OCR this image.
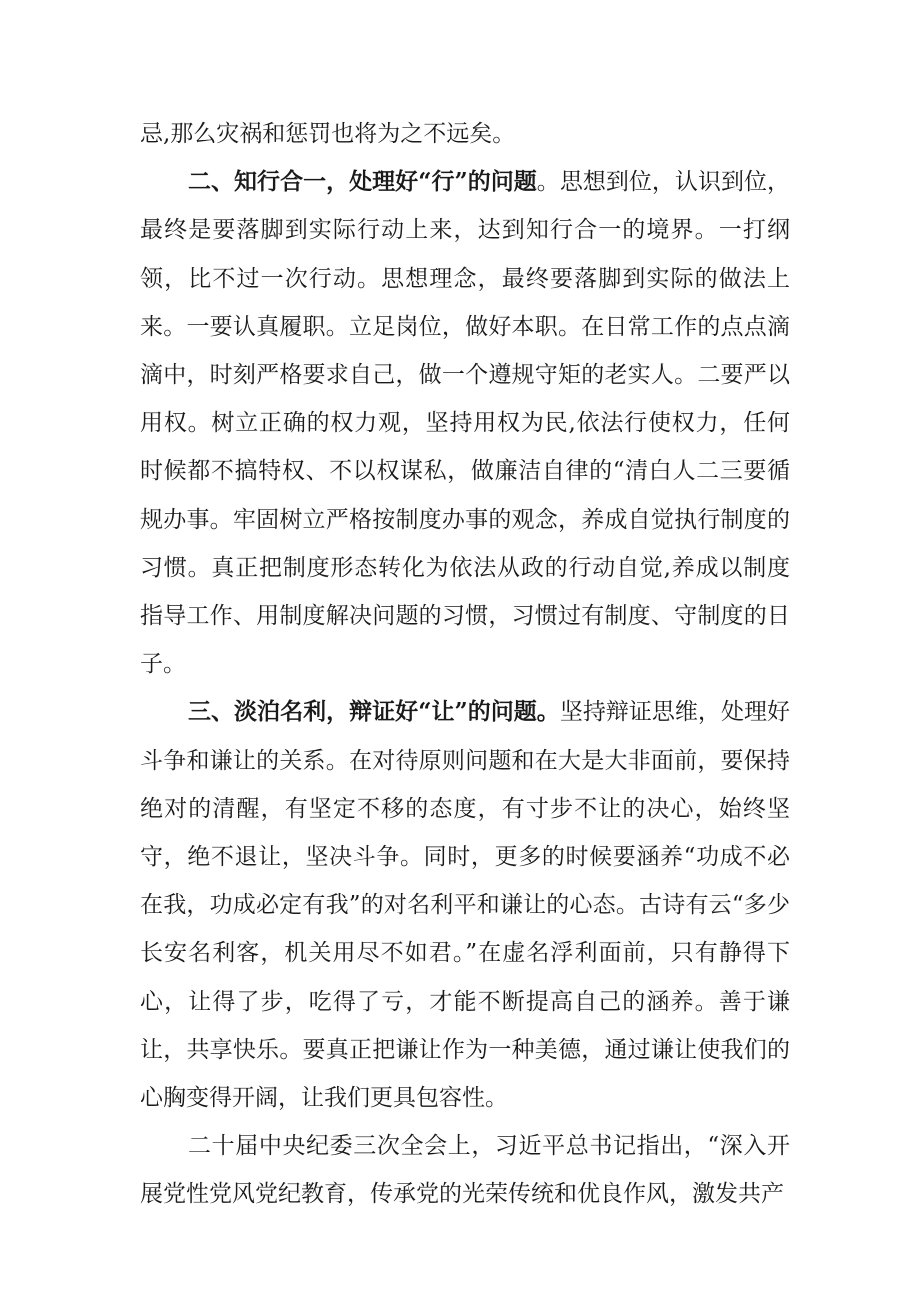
忌,那么灾祸和惩罚也将为之不远矣。

二、知行合一，处理好“行”的问题。思想到位，认识到位，最终是要落脚到实际行动上来，达到知行合一的境界。一打纲领，比不过一次行动。思想理念，最终要落脚到实际的做法上来。一要认真履职。立足岗位，做好本职。在日常工作的点点滴滴中，时刻严格要求自己，做一个遵规守矩的老实人。二要严以用权。树立正确的权力观，坚持用权为民,依法行使权力，任何时候都不搞特权、不以权谋私，做廉洁自律的“清白人二三要循规办事。牢固树立严格按制度办事的观念，养成自觉执行制度的习惯。真正把制度形态转化为依法从政的行动自觉,养成以制度指导工作、用制度解决问题的习惯，习惯过有制度、守制度的日子。

三、淡泊名利，辩证好“让”的问题。坚持辩证思维，处理好斗争和谦让的关系。在对待原则问题和在大是大非面前，要保持绝对的清醒，有坚定不移的态度，有寸步不让的决心，始终坚守，绝不退让，坚决斗争。同时，更多的时候要涵养“功成不必在我，功成必定有我”的对名利平和谦让的心态。古诗有云“多少长安名利客，机关用尽不如君。”在虚名浮利面前，只有静得下心，让得了步，吃得了亏，才能不断提高自己的涵养。善于谦让，共享快乐。要真正把谦让作为一种美德，通过谦让使我们的心胸变得开阔，让我们更具包容性。

二十届中央纪委三次全会上，习近平总书记指出，“深入开展党性党风党纪教育，传承党的光荣传统和优良作风，激发共产
